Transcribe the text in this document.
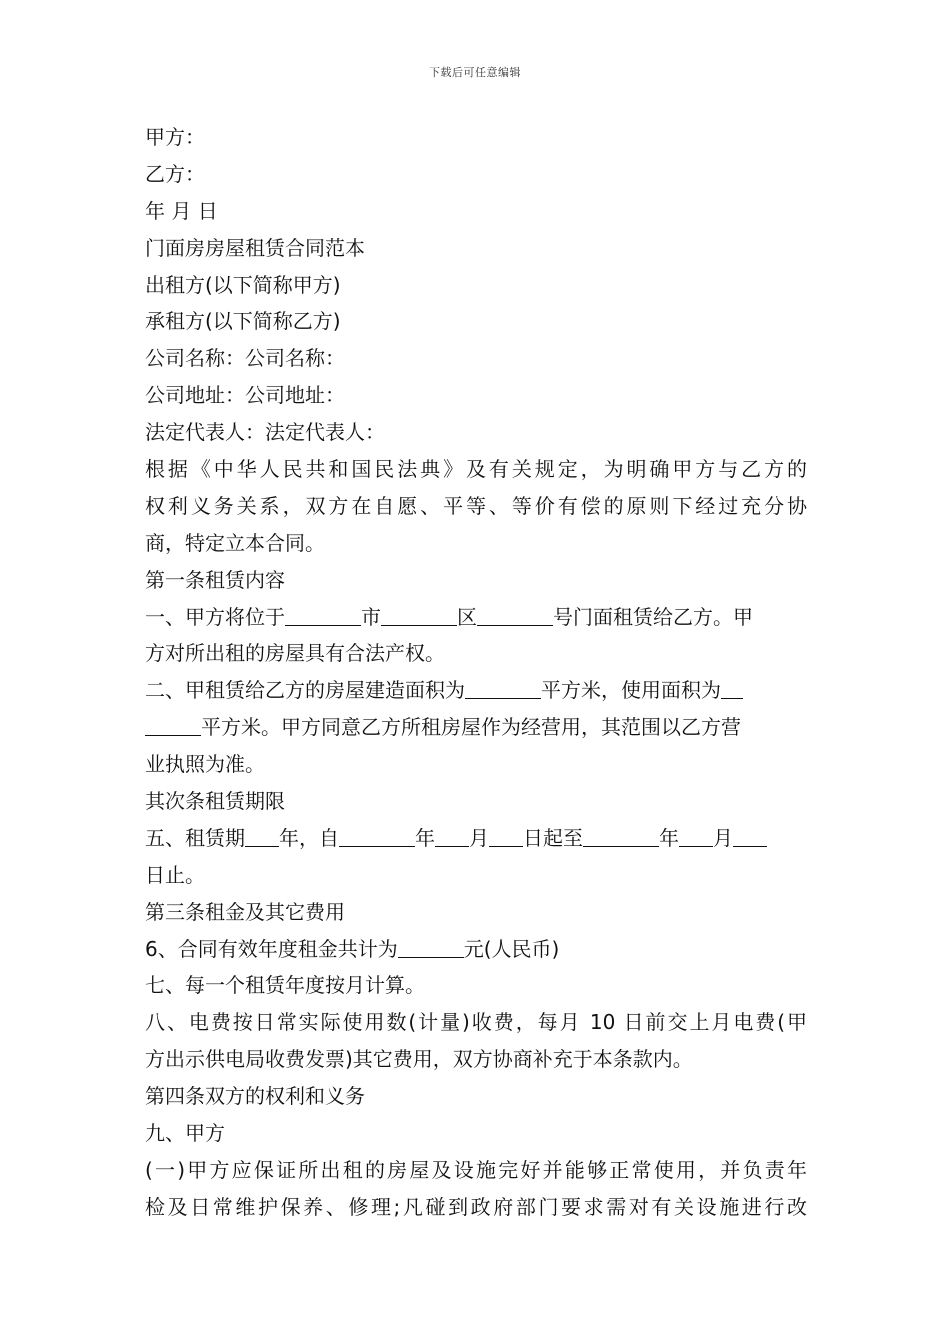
下载后可任意编辑
甲方：
乙方：
年 月 日
门面房房屋租赁合同范本
出租方(以下简称甲方)
承租方(以下简称乙方)
公司名称：公司名称：
公司地址：公司地址：
法定代表人：法定代表人：
根据《中华人民共和国民法典》及有关规定，为明确甲方与乙方的
权利义务关系，双方在自愿、平等、等价有偿的原则下经过充分协
商，特定立本合同。
第一条租赁内容
一、甲方将位于	市	区	号门面租赁给乙方。甲
方对所出租的房屋具有合法产权。
二、甲租赁给乙方的房屋建造面积为	平方米，使用面积为
平方米。甲方同意乙方所租房屋作为经营用，其范围以乙方营
业执照为准。
其次条租赁期限
五、租赁期 年，自	年 月 日起至	年 月
日止。
第三条租金及其它费用
6、合同有效年度租金共计为	元(人民币)
七、每一个租赁年度按月计算。
八、电费按日常实际使用数(计量)收费，每月 10 日前交上月电费(甲
方出示供电局收费发票)其它费用，双方协商补充于本条款内。
第四条双方的权利和义务
九、甲方
(一)甲方应保证所出租的房屋及设施完好并能够正常使用，并负责年
检及日常维护保养、修理;凡碰到政府部门要求需对有关设施进行改
